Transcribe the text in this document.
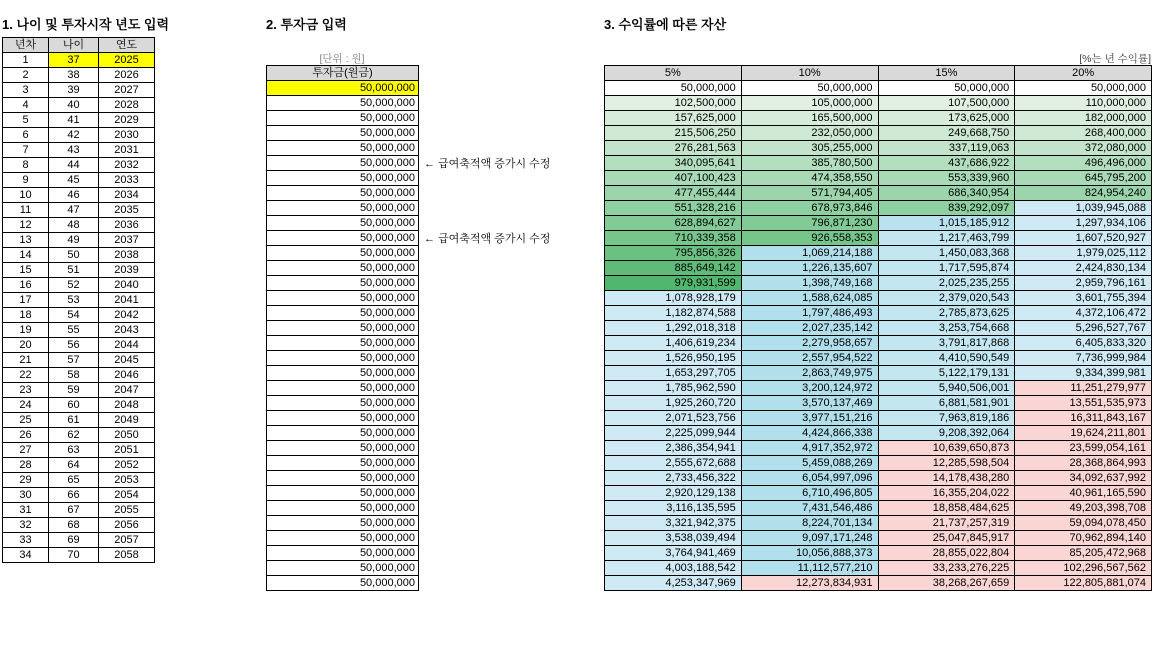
1. 나이 및 투자시작 년도 입력
년차	나이	연도
1	37	2025
2	38	2026
3	39	2027
4	40	2028
5	41	2029
6	42	2030
7	43	2031
8	44	2032
9	45	2033
10	46	2034
11	47	2035
12	48	2036
13	49	2037
14	50	2038
15	51	2039
16	52	2040
17	53	2041
18	54	2042
19	55	2043
20	56	2044
21	57	2045
22	58	2046
23	59	2047
24	60	2048
25	61	2049
26	62	2050
27	63	2051
28	64	2052
29	65	2053
30	66	2054
31	67	2055
32	68	2056
33	69	2057
34	70	2058
2. 투자금 입력
[단위 : 원]
투자금(원금)
50,000,000
50,000,000
50,000,000
50,000,000
50,000,000
50,000,000
50,000,000
50,000,000
50,000,000
50,000,000
50,000,000
50,000,000
50,000,000
50,000,000
50,000,000
50,000,000
50,000,000
50,000,000
50,000,000
50,000,000
50,000,000
50,000,000
50,000,000
50,000,000
50,000,000
50,000,000
50,000,000
50,000,000
50,000,000
50,000,000
50,000,000
50,000,000
50,000,000
50,000,000
← 급여축적액 증가시 수정
← 급여축적액 증가시 수정
3. 수익률에 따른 자산
[%는 년 수익률]
5%	10%	15%	20%
50,000,000	50,000,000	50,000,000	50,000,000
102,500,000	105,000,000	107,500,000	110,000,000
157,625,000	165,500,000	173,625,000	182,000,000
215,506,250	232,050,000	249,668,750	268,400,000
276,281,563	305,255,000	337,119,063	372,080,000
340,095,641	385,780,500	437,686,922	496,496,000
407,100,423	474,358,550	553,339,960	645,795,200
477,455,444	571,794,405	686,340,954	824,954,240
551,328,216	678,973,846	839,292,097	1,039,945,088
628,894,627	796,871,230	1,015,185,912	1,297,934,106
710,339,358	926,558,353	1,217,463,799	1,607,520,927
795,856,326	1,069,214,188	1,450,083,368	1,979,025,112
885,649,142	1,226,135,607	1,717,595,874	2,424,830,134
979,931,599	1,398,749,168	2,025,235,255	2,959,796,161
1,078,928,179	1,588,624,085	2,379,020,543	3,601,755,394
1,182,874,588	1,797,486,493	2,785,873,625	4,372,106,472
1,292,018,318	2,027,235,142	3,253,754,668	5,296,527,767
1,406,619,234	2,279,958,657	3,791,817,868	6,405,833,320
1,526,950,195	2,557,954,522	4,410,590,549	7,736,999,984
1,653,297,705	2,863,749,975	5,122,179,131	9,334,399,981
1,785,962,590	3,200,124,972	5,940,506,001	11,251,279,977
1,925,260,720	3,570,137,469	6,881,581,901	13,551,535,973
2,071,523,756	3,977,151,216	7,963,819,186	16,311,843,167
2,225,099,944	4,424,866,338	9,208,392,064	19,624,211,801
2,386,354,941	4,917,352,972	10,639,650,873	23,599,054,161
2,555,672,688	5,459,088,269	12,285,598,504	28,368,864,993
2,733,456,322	6,054,997,096	14,178,438,280	34,092,637,992
2,920,129,138	6,710,496,805	16,355,204,022	40,961,165,590
3,116,135,595	7,431,546,486	18,858,484,625	49,203,398,708
3,321,942,375	8,224,701,134	21,737,257,319	59,094,078,450
3,538,039,494	9,097,171,248	25,047,845,917	70,962,894,140
3,764,941,469	10,056,888,373	28,855,022,804	85,205,472,968
4,003,188,542	11,112,577,210	33,233,276,225	102,296,567,562
4,253,347,969	12,273,834,931	38,268,267,659	122,805,881,074
